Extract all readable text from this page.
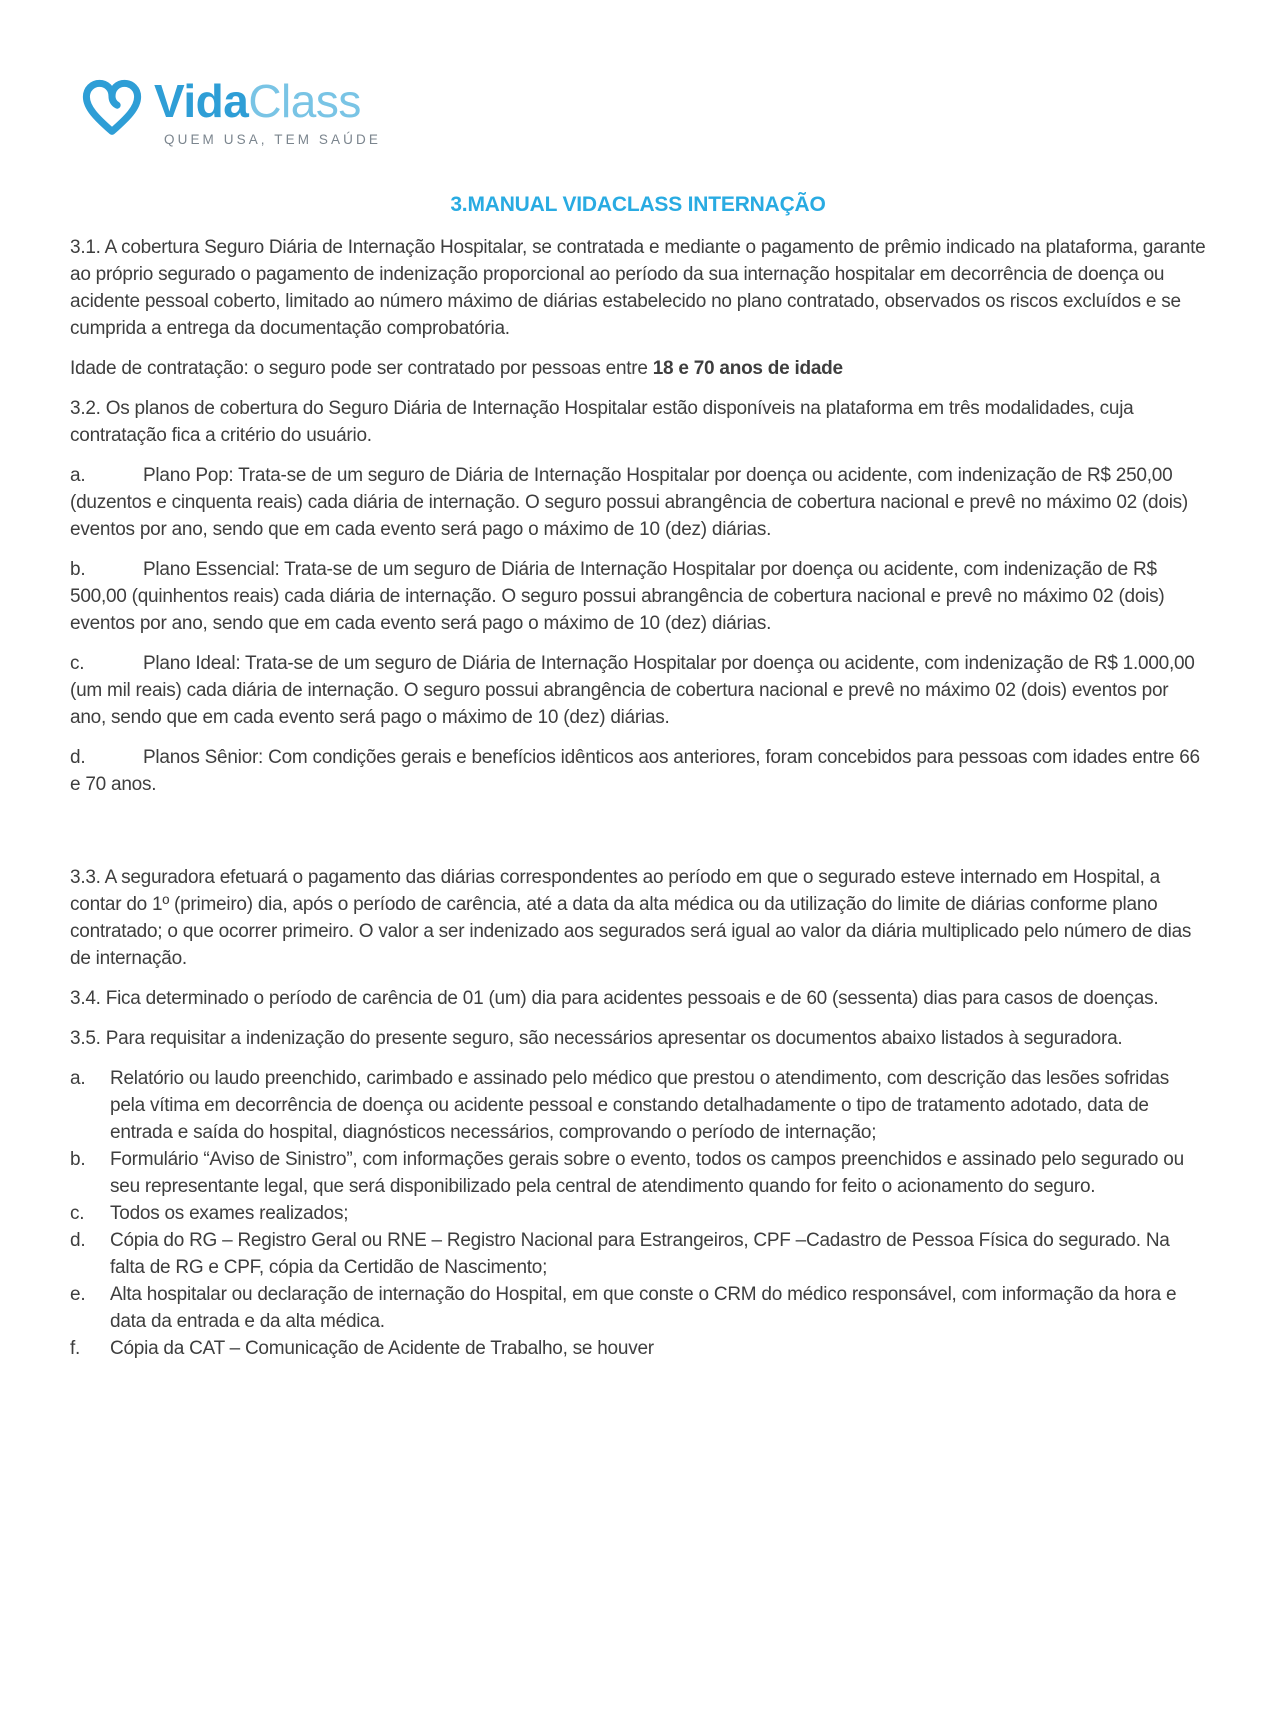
VidaClass
QUEM USA, TEM SAÚDE
3.MANUAL VIDACLASS INTERNAÇÃO

3.1. A cobertura Seguro Diária de Internação Hospitalar, se contratada e mediante o pagamento de prêmio indicado na plataforma, garante ao próprio segurado o pagamento de indenização proporcional ao período da sua internação hospitalar em decorrência de doença ou acidente pessoal coberto, limitado ao número máximo de diárias estabelecido no plano contratado, observados os riscos excluídos e se cumprida a entrega da documentação comprobatória.

Idade de contratação: o seguro pode ser contratado por pessoas entre 18 e 70 anos de idade

3.2. Os planos de cobertura do Seguro Diária de Internação Hospitalar estão disponíveis na plataforma em três modalidades, cuja contratação fica a critério do usuário.

a.	Plano Pop: Trata-se de um seguro de Diária de Internação Hospitalar por doença ou acidente, com indenização de R$ 250,00 (duzentos e cinquenta reais) cada diária de internação. O seguro possui abrangência de cobertura nacional e prevê no máximo 02 (dois) eventos por ano, sendo que em cada evento será pago o máximo de 10 (dez) diárias.

b.	Plano Essencial: Trata-se de um seguro de Diária de Internação Hospitalar por doença ou acidente, com indenização de R$ 500,00 (quinhentos reais) cada diária de internação. O seguro possui abrangência de cobertura nacional e prevê no máximo 02 (dois) eventos por ano, sendo que em cada evento será pago o máximo de 10 (dez) diárias.

c.	Plano Ideal: Trata-se de um seguro de Diária de Internação Hospitalar por doença ou acidente, com indenização de R$ 1.000,00 (um mil reais) cada diária de internação. O seguro possui abrangência de cobertura nacional e prevê no máximo 02 (dois) eventos por ano, sendo que em cada evento será pago o máximo de 10 (dez) diárias.

d.	Planos Sênior: Com condições gerais e benefícios idênticos aos anteriores, foram concebidos para pessoas com idades entre 66 e 70 anos.

3.3. A seguradora efetuará o pagamento das diárias correspondentes ao período em que o segurado esteve internado em Hospital, a contar do 1º (primeiro) dia, após o período de carência, até a data da alta médica ou da utilização do limite de diárias conforme plano contratado; o que ocorrer primeiro. O valor a ser indenizado aos segurados será igual ao valor da diária multiplicado pelo número de dias de internação.

3.4. Fica determinado o período de carência de 01 (um) dia para acidentes pessoais e de 60 (sessenta) dias para casos de doenças.

3.5. Para requisitar a indenização do presente seguro, são necessários apresentar os documentos abaixo listados à seguradora.

a.	Relatório ou laudo preenchido, carimbado e assinado pelo médico que prestou o atendimento, com descrição das lesões sofridas pela vítima em decorrência de doença ou acidente pessoal e constando detalhadamente o tipo de tratamento adotado, data de entrada e saída do hospital, diagnósticos necessários, comprovando o período de internação;
b.	Formulário “Aviso de Sinistro”, com informações gerais sobre o evento, todos os campos preenchidos e assinado pelo segurado ou seu representante legal, que será disponibilizado pela central de atendimento quando for feito o acionamento do seguro.
c.	Todos os exames realizados;
d.	Cópia do RG – Registro Geral ou RNE – Registro Nacional para Estrangeiros, CPF –Cadastro de Pessoa Física do segurado. Na falta de RG e CPF, cópia da Certidão de Nascimento;
e.	Alta hospitalar ou declaração de internação do Hospital, em que conste o CRM do médico responsável, com informação da hora e data da entrada e da alta médica.
f.	Cópia da CAT – Comunicação de Acidente de Trabalho, se houver
